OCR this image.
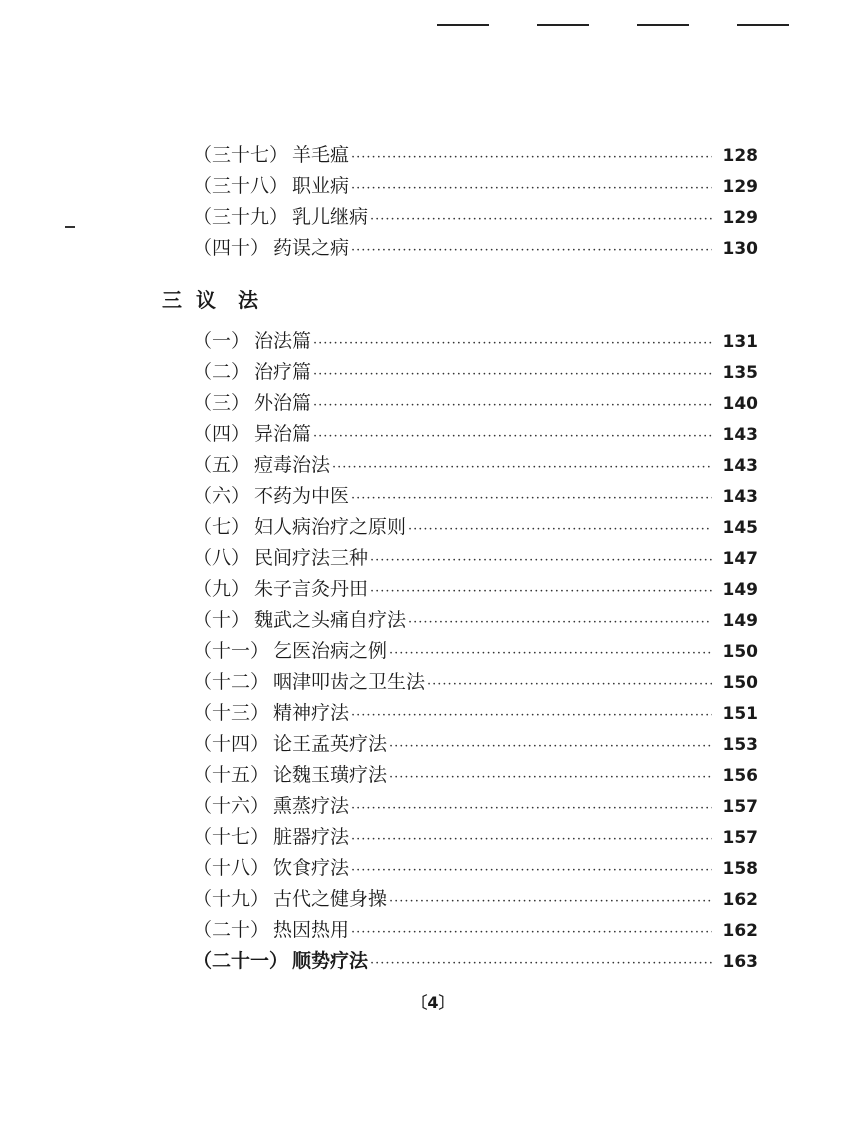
（三十七） 羊毛瘟 ·····	128
（三十八） 职业病 ·····	129
（三十九） 乳儿继病 ·····	129
（四十） 药误之病 ·····	130
三 议法
（一） 治法篇 ·····	131
（二） 治疗篇 ·····	135
（三） 外治篇 ·····	140
（四） 异治篇 ·····	143
（五） 痘毒治法 ·····	143
（六） 不药为中医 ·····	143
（七） 妇人病治疗之原则 ·····	145
（八） 民间疗法三种 ·····	147
（九） 朱子言灸丹田 ·····	149
（十） 魏武之头痛自疗法 ·····	149
（十一） 乞医治病之例 ·····	150
（十二） 咽津叩齿之卫生法 ·····	150
（十三） 精神疗法 ·····	151
（十四） 论王孟英疗法 ·····	153
（十五） 论魏玉璜疗法 ·····	156
（十六） 熏蒸疗法 ·····	157
（十七） 脏器疗法 ·····	157
（十八） 饮食疗法 ·····	158
（十九） 古代之健身操 ·····	162
（二十） 热因热用 ·····	162
（二十一） 顺势疗法 ·····	163
〔4〕
